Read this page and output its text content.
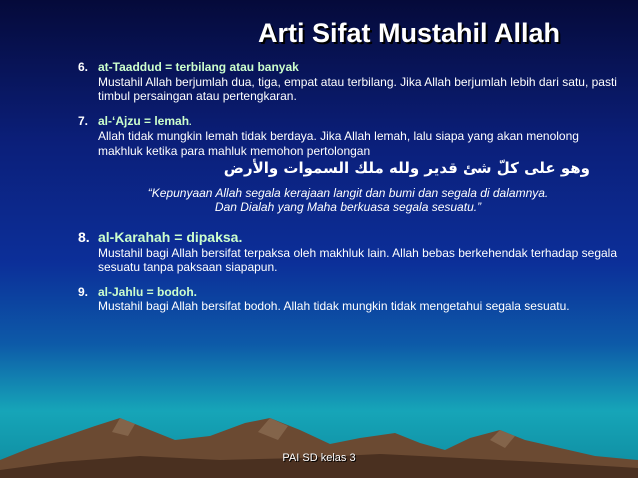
Arti Sifat Mustahil Allah
6. at-Taaddud = terbilang atau banyak
Mustahil Allah berjumlah dua, tiga, empat atau terbilang. Jika Allah berjumlah lebih dari satu, pasti timbul persaingan atau pertengkaran.
7. al-‘Ajzu = lemah.
Allah tidak mungkin lemah tidak berdaya. Jika Allah lemah, lalu siapa yang akan menolong makhluk ketika para mahluk memohon pertolongan
وهو على كلّ شئ قدير ولله ملك السموات والأرض
“Kepunyaan Allah segala kerajaan langit dan bumi dan segala di dalamnya.
Dan Dialah yang Maha berkuasa segala sesuatu.”
8. al-Karahah = dipaksa.
Mustahil bagi Allah bersifat terpaksa oleh makhluk lain. Allah bebas berkehendak terhadap segala sesuatu tanpa paksaan siapapun.
9. al-Jahlu = bodoh.
Mustahil bagi Allah bersifat bodoh. Allah tidak mungkin tidak mengetahui segala sesuatu.
PAI SD kelas 3
